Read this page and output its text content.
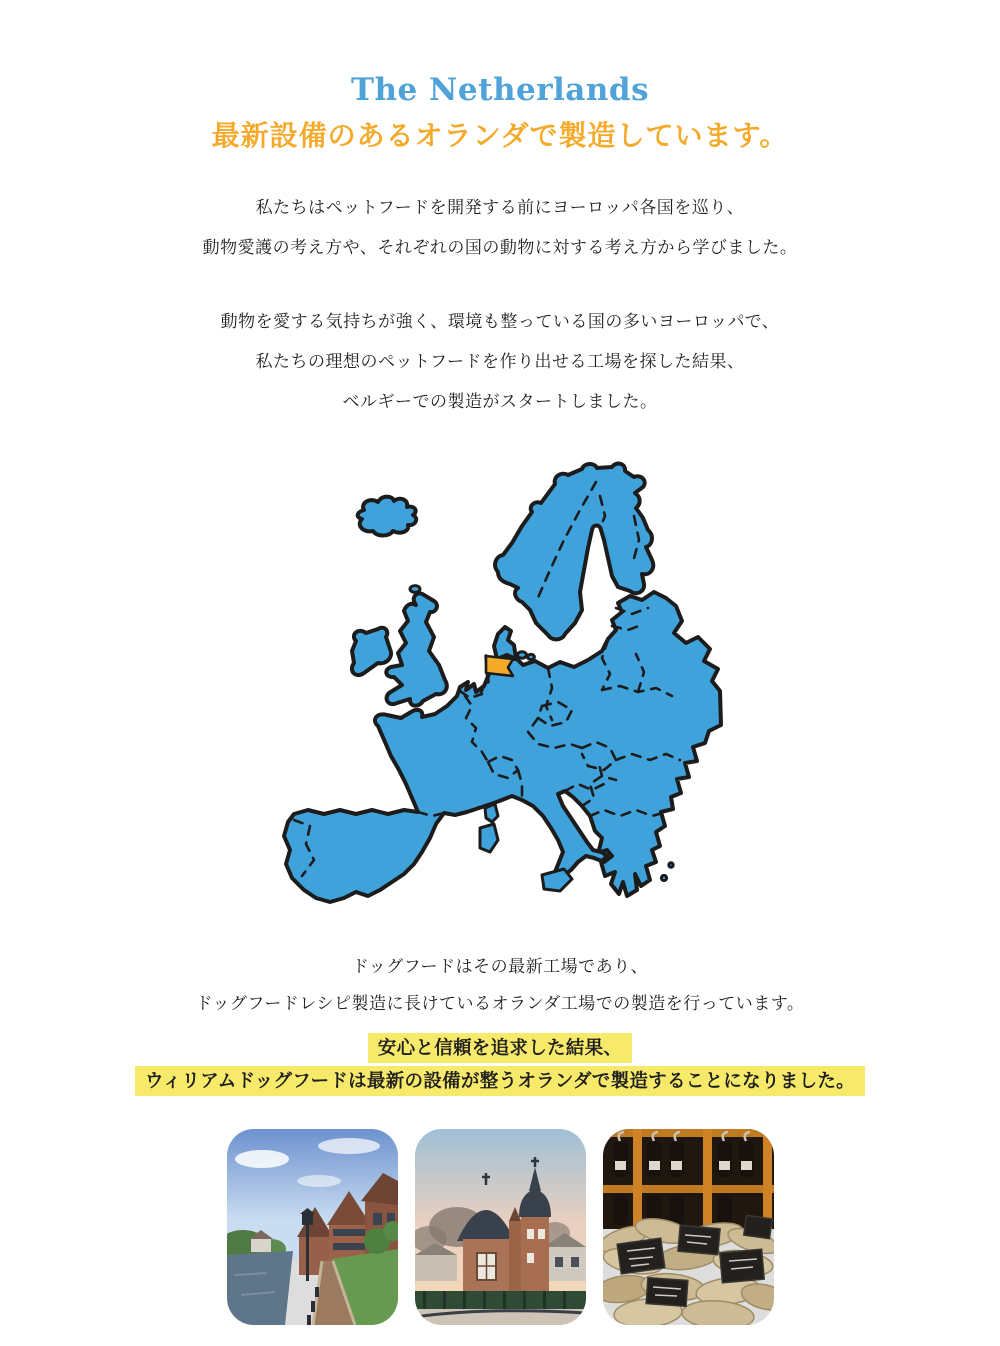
The Netherlands
最新設備のあるオランダで製造しています。
私たちはペットフードを開発する前にヨーロッパ各国を巡り、
動物愛護の考え方や、それぞれの国の動物に対する考え方から学びました。
動物を愛する気持ちが強く、環境も整っている国の多いヨーロッパで、
私たちの理想のペットフードを作り出せる工場を探した結果、
ベルギーでの製造がスタートしました。
ドッグフードはその最新工場であり、
ドッグフードレシピ製造に長けているオランダ工場での製造を行っています。
安心と信頼を追求した結果、
ウィリアムドッグフードは最新の設備が整うオランダで製造することになりました。
